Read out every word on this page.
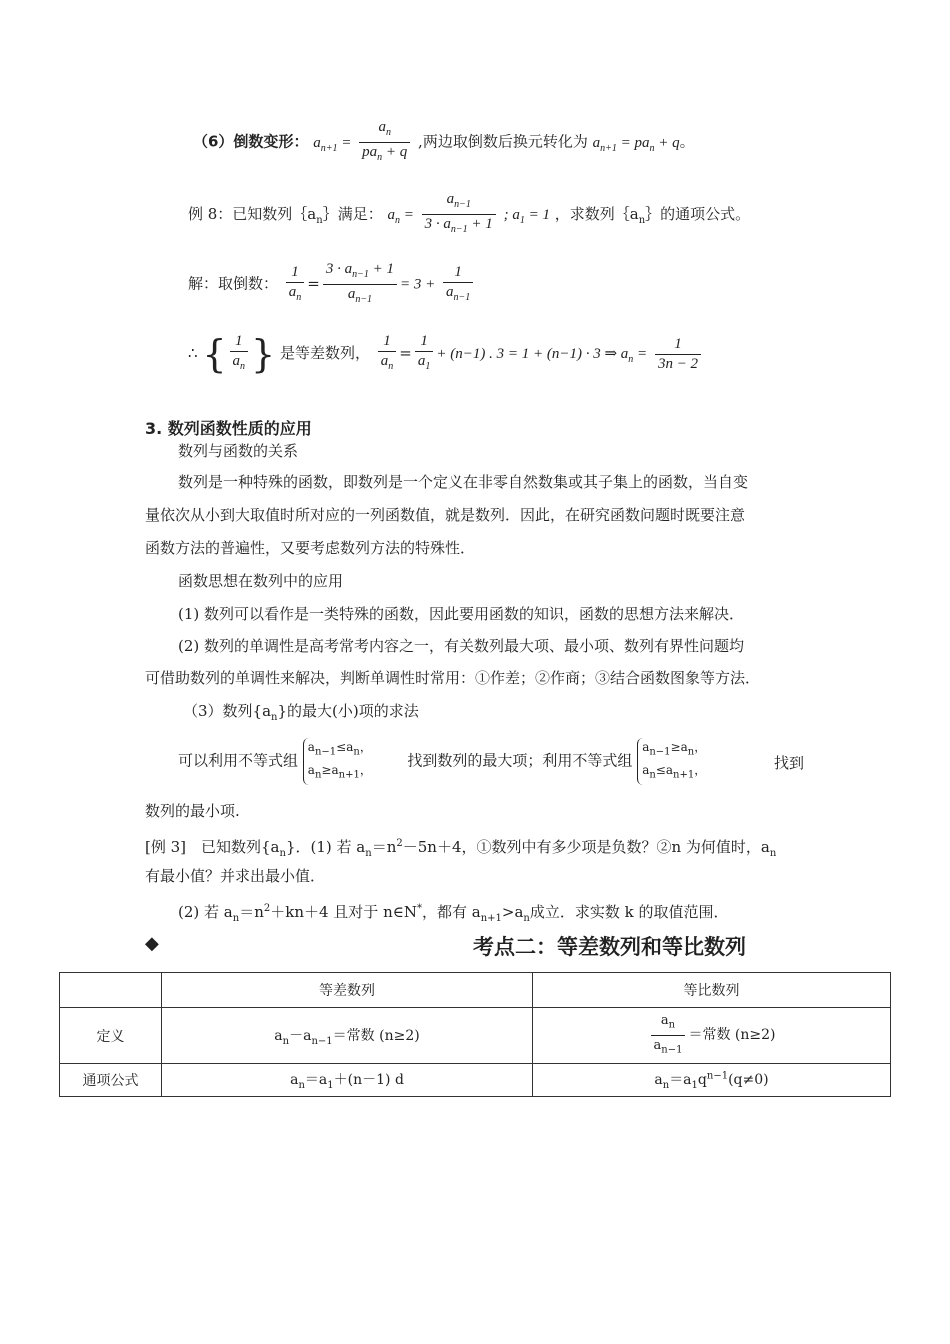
（6）倒数变形： $a_{n+1} = \frac{a_n}{pa_n + q}$ ,两边取倒数后换元转化为 $a_{n+1} = pa_n + q$。
例 8：已知数列$\{a_n\}$满足： $a_n = \frac{a_{n-1}}{3 \cdot a_{n-1} + 1}$ ; $a_1 = 1$ ，求数列$\{a_n\}$的通项公式。
解：取倒数： $\frac{1}{a_n} = \frac{3 \cdot a_{n-1} + 1}{a_{n-1}} = 3 + \frac{1}{a_{n-1}}$
∴ { $\frac{1}{a_n}$ } 是等差数列， $\frac{1}{a_n} = \frac{1}{a_1} + (n-1)$ . 3 = 1 + (n−1) · 3 ⇒ $a_n = \frac{1}{3n - 2}$
3. 数列函数性质的应用
数列与函数的关系
数列是一种特殊的函数，即数列是一个定义在非零自然数集或其子集上的函数，当自变
量依次从小到大取值时所对应的一列函数值，就是数列．因此，在研究函数问题时既要注意
函数方法的普遍性，又要考虑数列方法的特殊性．
函数思想在数列中的应用
(1) 数列可以看作是一类特殊的函数，因此要用函数的知识，函数的思想方法来解决．
(2) 数列的单调性是高考常考内容之一，有关数列最大项、最小项、数列有界性问题均
可借助数列的单调性来解决，判断单调性时常用：①作差；②作商；③结合函数图象等方法．
（3）数列$\{a_n\}$的最大(小)项的求法
可以利用不等式组
$a_{n-1}\le a_n$，
$a_n\ge a_{n+1}$，
找到数列的最大项；利用不等式组
$a_{n-1}\ge a_n$，
$a_n\le a_{n+1}$，	找到
数列的最小项.
[例 3]　已知数列$\{a_n\}$．(1) 若 $a_n=n^2-5n+4$，①数列中有多少项是负数？②n 为何值时，$a_n$
有最小值？并求出最小值．
(2) 若 $a_n=n^2+kn+4$ 且对于 n∈N*，都有 $a_{n+1}>a_n$成立．求实数 k 的取值范围．
◆	考点二：等差数列和等比数列
	等差数列	等比数列
定义	$a_n-a_{n-1}=$常数 (n≥2)	$\frac{a_n}{a_{n-1}}$ ＝常数 (n≥2)
通项公式	$a_n=a_1+(n-1)$ d	$a_n=a_1q^{n-1}(q\ne 0)$
